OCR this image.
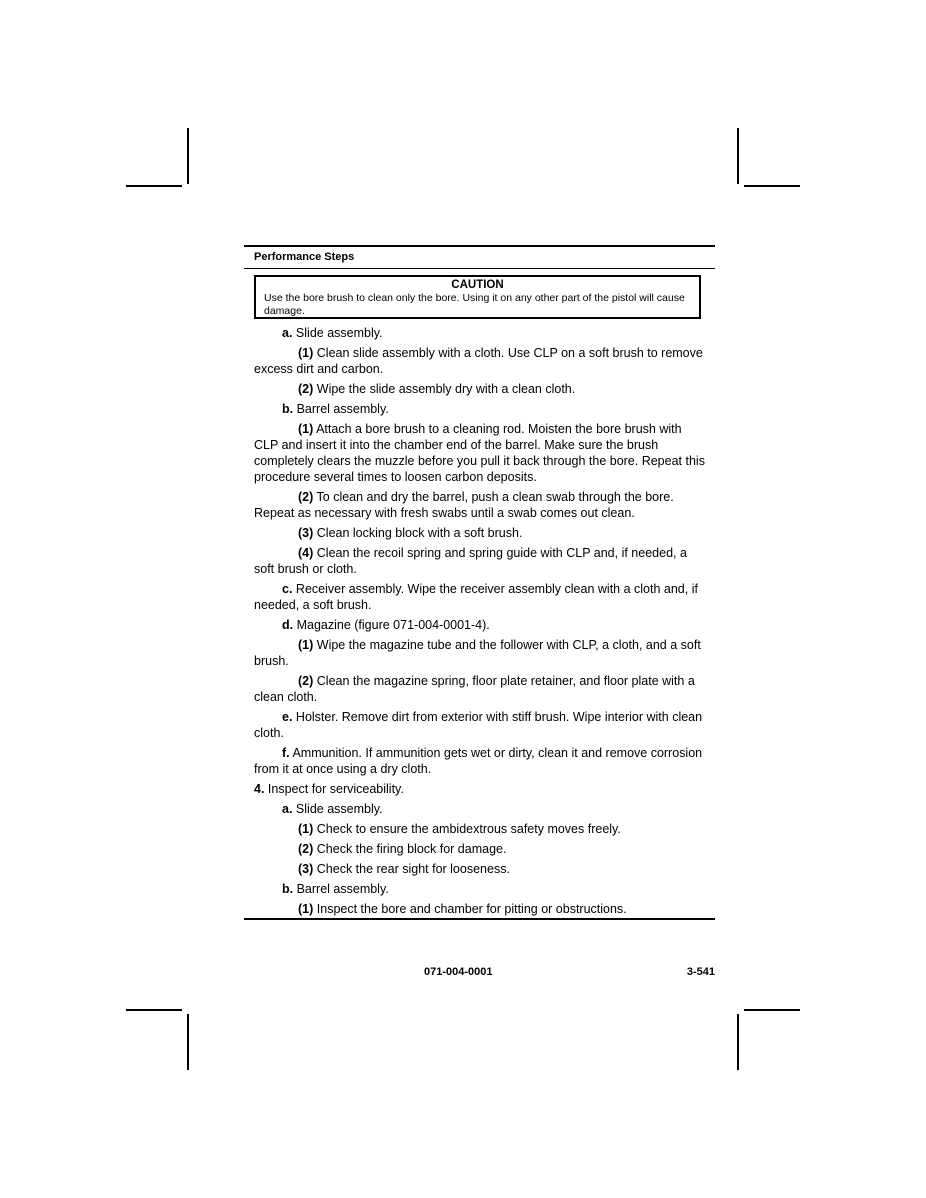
Performance Steps
CAUTION
Use the bore brush to clean only the bore. Using it on any other part of the pistol will cause damage.

a. Slide assembly.

(1) Clean slide assembly with a cloth. Use CLP on a soft brush to remove excess dirt and carbon.

(2) Wipe the slide assembly dry with a clean cloth.

b. Barrel assembly.

(1) Attach a bore brush to a cleaning rod. Moisten the bore brush with CLP and insert it into the chamber end of the barrel. Make sure the brush completely clears the muzzle before you pull it back through the bore. Repeat this procedure several times to loosen carbon deposits.

(2) To clean and dry the barrel, push a clean swab through the bore. Repeat as necessary with fresh swabs until a swab comes out clean.

(3) Clean locking block with a soft brush.

(4) Clean the recoil spring and spring guide with CLP and, if needed, a soft brush or cloth.

c. Receiver assembly. Wipe the receiver assembly clean with a cloth and, if needed, a soft brush.

d. Magazine (figure 071-004-0001-4).

(1) Wipe the magazine tube and the follower with CLP, a cloth, and a soft brush.

(2) Clean the magazine spring, floor plate retainer, and floor plate with a clean cloth.

e. Holster. Remove dirt from exterior with stiff brush. Wipe interior with clean cloth.

f. Ammunition. If ammunition gets wet or dirty, clean it and remove corrosion from it at once using a dry cloth.

4. Inspect for serviceability.

a. Slide assembly.

(1) Check to ensure the ambidextrous safety moves freely.

(2) Check the firing block for damage.

(3) Check the rear sight for looseness.

b. Barrel assembly.

(1) Inspect the bore and chamber for pitting or obstructions.

071-004-0001	3-541
